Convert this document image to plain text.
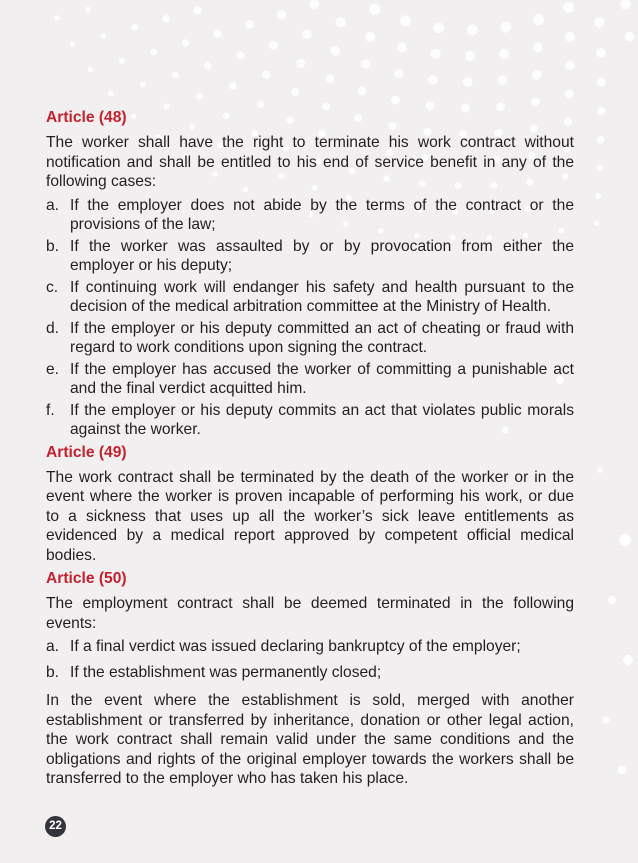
Article (48)
The worker shall have the right to terminate his work contract without notification and shall be entitled to his end of service benefit in any of the following cases:
a. If the employer does not abide by the terms of the contract or the provisions of the law;
b. If the worker was assaulted by or by provocation from either the employer or his deputy;
c. If continuing work will endanger his safety and health pursuant to the decision of the medical arbitration committee at the Ministry of Health.
d. If the employer or his deputy committed an act of cheating or fraud with regard to work conditions upon signing the contract.
e. If the employer has accused the worker of committing a punishable act and the final verdict acquitted him.
f. If the employer or his deputy commits an act that violates public morals against the worker.
Article (49)
The work contract shall be terminated by the death of the worker or in the event where the worker is proven incapable of performing his work, or due to a sickness that uses up all the worker’s sick leave entitlements as evidenced by a medical report approved by competent official medical bodies.
Article (50)
The employment contract shall be deemed terminated in the following events:
a. If a final verdict was issued declaring bankruptcy of the employer;
b. If the establishment was permanently closed;
In the event where the establishment is sold, merged with another establishment or transferred by inheritance, donation or other legal action, the work contract shall remain valid under the same conditions and the obligations and rights of the original employer towards the workers shall be transferred to the employer who has taken his place.
22
